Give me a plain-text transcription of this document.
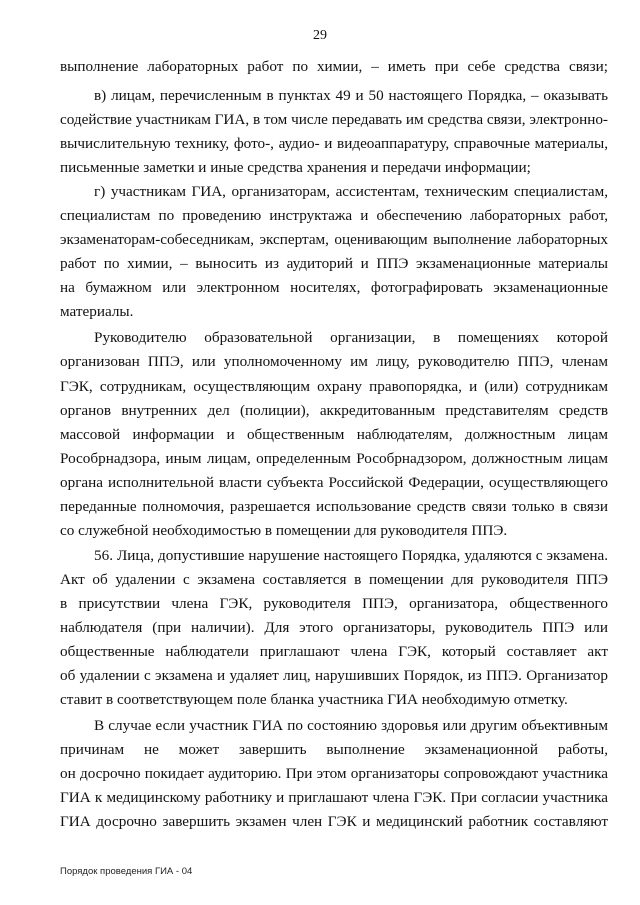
29
выполнение лабораторных работ по химии, – иметь при себе средства связи;
в) лицам, перечисленным в пунктах 49 и 50 настоящего Порядка, – оказывать
содействие участникам ГИА, в том числе передавать им средства связи, электронно-
вычислительную технику, фото-, аудио- и видеоаппаратуру, справочные материалы,
письменные заметки и иные средства хранения и передачи информации;
г) участникам ГИА, организаторам, ассистентам, техническим специалистам,
специалистам по проведению инструктажа и обеспечению лабораторных работ,
экзаменаторам-собеседникам, экспертам, оценивающим выполнение лабораторных
работ по химии, – выносить из аудиторий и ППЭ экзаменационные материалы
на бумажном или электронном носителях, фотографировать экзаменационные
материалы.
Руководителю образовательной организации, в помещениях которой
организован ППЭ, или уполномоченному им лицу, руководителю ППЭ, членам
ГЭК, сотрудникам, осуществляющим охрану правопорядка, и (или) сотрудникам
органов внутренних дел (полиции), аккредитованным представителям средств
массовой информации и общественным наблюдателям, должностным лицам
Рособрнадзора, иным лицам, определенным Рособрнадзором, должностным лицам
органа исполнительной власти субъекта Российской Федерации, осуществляющего
переданные полномочия, разрешается использование средств связи только в связи
со служебной необходимостью в помещении для руководителя ППЭ.
56. Лица, допустившие нарушение настоящего Порядка, удаляются с экзамена.
Акт об удалении с экзамена составляется в помещении для руководителя ППЭ
в присутствии члена ГЭК, руководителя ППЭ, организатора, общественного
наблюдателя (при наличии). Для этого организаторы, руководитель ППЭ или
общественные наблюдатели приглашают члена ГЭК, который составляет акт
об удалении с экзамена и удаляет лиц, нарушивших Порядок, из ППЭ. Организатор
ставит в соответствующем поле бланка участника ГИА необходимую отметку.
В случае если участник ГИА по состоянию здоровья или другим объективным
причинам не может завершить выполнение экзаменационной работы,
он досрочно покидает аудиторию. При этом организаторы сопровождают участника
ГИА к медицинскому работнику и приглашают члена ГЭК. При согласии участника
ГИА досрочно завершить экзамен член ГЭК и медицинский работник составляют
Порядок проведения ГИА - 04
